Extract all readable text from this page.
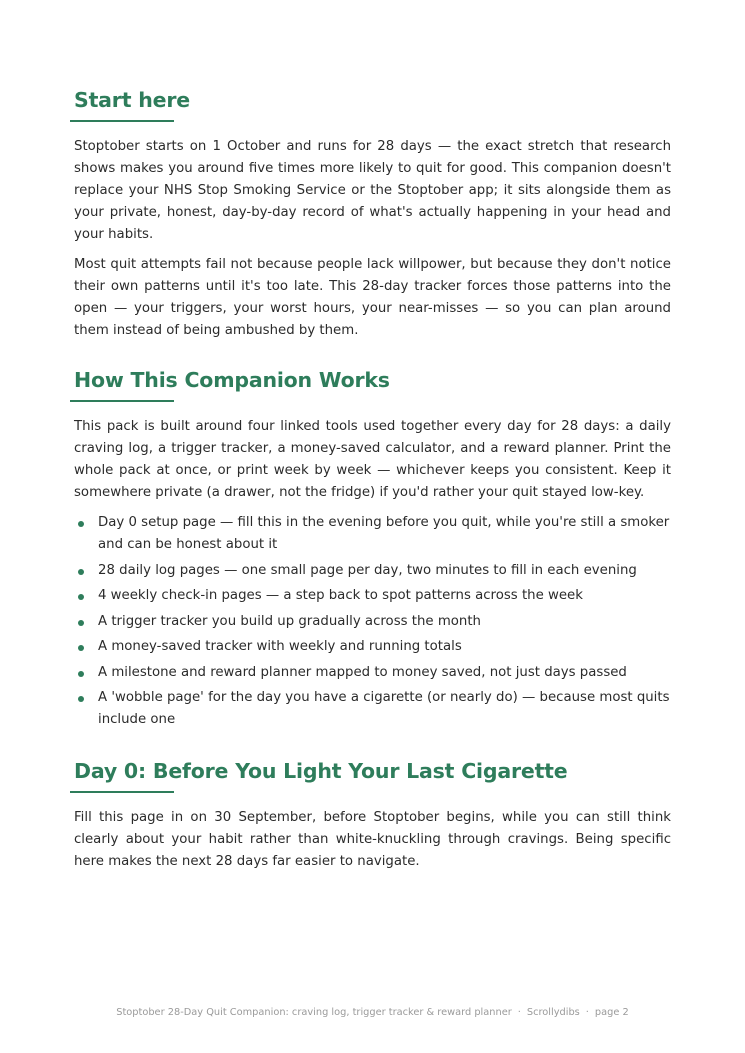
Start here

Stoptober starts on 1 October and runs for 28 days — the exact stretch that research shows makes you around five times more likely to quit for good. This companion doesn't replace your NHS Stop Smoking Service or the Stoptober app; it sits alongside them as your private, honest, day-by-day record of what's actually happening in your head and your habits.

Most quit attempts fail not because people lack willpower, but because they don't notice their own patterns until it's too late. This 28-day tracker forces those patterns into the open — your triggers, your worst hours, your near-misses — so you can plan around them instead of being ambushed by them.

How This Companion Works

This pack is built around four linked tools used together every day for 28 days: a daily craving log, a trigger tracker, a money-saved calculator, and a reward planner. Print the whole pack at once, or print week by week — whichever keeps you consistent. Keep it somewhere private (a drawer, not the fridge) if you'd rather your quit stayed low-key.

Day 0 setup page — fill this in the evening before you quit, while you're still a smoker and can be honest about it
28 daily log pages — one small page per day, two minutes to fill in each evening
4 weekly check-in pages — a step back to spot patterns across the week
A trigger tracker you build up gradually across the month
A money-saved tracker with weekly and running totals
A milestone and reward planner mapped to money saved, not just days passed
A 'wobble page' for the day you have a cigarette (or nearly do) — because most quits include one
Day 0: Before You Light Your Last Cigarette

Fill this page in on 30 September, before Stoptober begins, while you can still think clearly about your habit rather than white-knuckling through cravings. Being specific here makes the next 28 days far easier to navigate.

Stoptober 28-Day Quit Companion: craving log, trigger tracker & reward planner · Scrollydibs · page 2
